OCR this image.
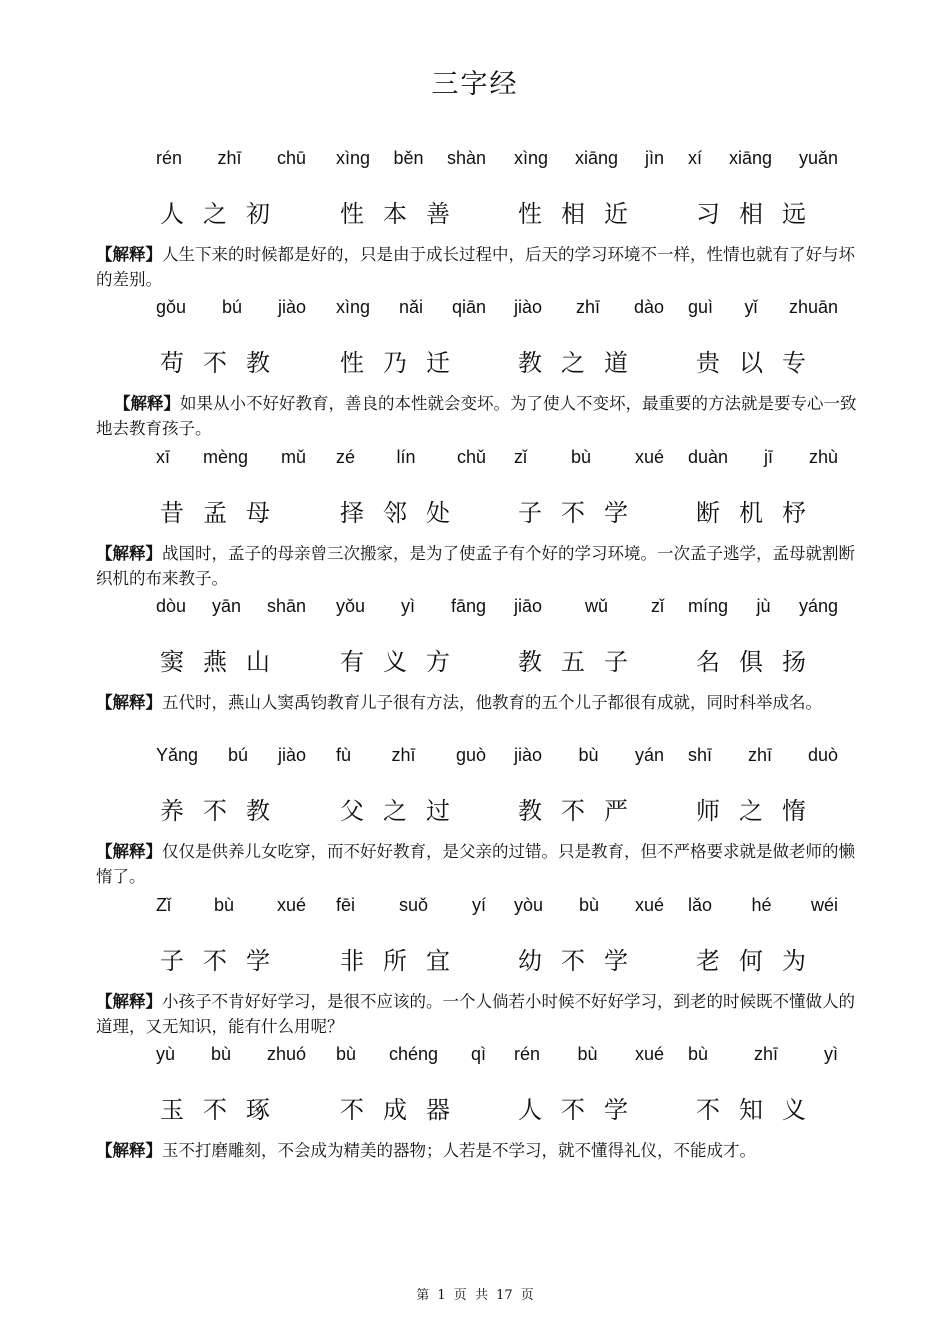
三字经
rén zhī chū xìng běn shàn xìng xiāng jìn xí xiāng yuǎn
人 之 初	性 本 善	性 相 近	习 相 远
【解释】人生下来的时候都是好的，只是由于成长过程中，后天的学习环境不一样，性情也就有了好与坏的差别。
gǒu bú jiào xìng nǎi qiān jiào zhī dào guì yǐ zhuān
苟 不 教	性 乃 迁	教 之 道	贵 以 专
【解释】如果从小不好好教育，善良的本性就会变坏。为了使人不变坏，最重要的方法就是要专心一致地去教育孩子。
xī mèng mǔ zé lín chǔ zǐ bù xué duàn jī zhù
昔 孟 母	择 邻 处	子 不 学	断 机 杼
【解释】战国时，孟子的母亲曾三次搬家，是为了使孟子有个好的学习环境。一次孟子逃学，孟母就割断织机的布来教子。
dòu yān shān yǒu yì fāng jiāo wǔ zǐ míng jù yáng
窦 燕 山	有 义 方	教 五 子	名 俱 扬
【解释】五代时，燕山人窦禹钧教育儿子很有方法，他教育的五个儿子都很有成就，同时科举成名。
Yǎng bú jiào fù zhī guò jiào bù yán shī zhī duò
养 不 教	父 之 过	教 不 严	师 之 惰
【解释】仅仅是供养儿女吃穿，而不好好教育，是父亲的过错。只是教育，但不严格要求就是做老师的懒惰了。
Zǐ bù xué fēi suǒ yí yòu bù xué lǎo hé wéi
子 不 学	非 所 宜	幼 不 学	老 何 为
【解释】小孩子不肯好好学习，是很不应该的。一个人倘若小时候不好好学习，到老的时候既不懂做人的道理，又无知识，能有什么用呢？
yù bù zhuó bù chéng qì rén bù xué bù	zhī	yì
玉 不 琢	不 成 器	人 不 学	不 知 义
【解释】玉不打磨雕刻，不会成为精美的器物；人若是不学习，就不懂得礼仪，不能成才。
第 1 页 共 17 页
